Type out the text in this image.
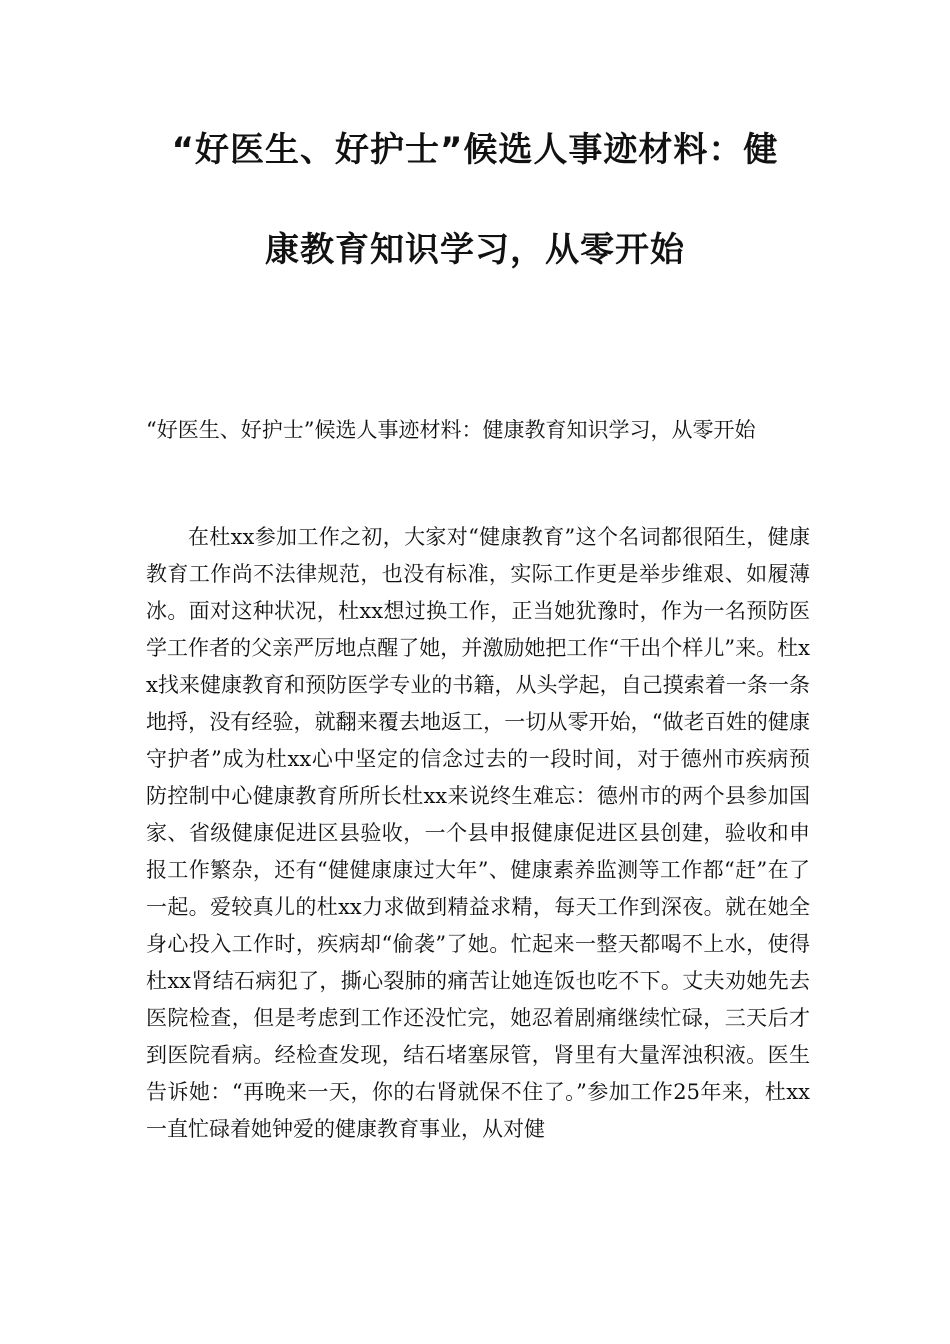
“好医生、好护士”候选人事迹材料：健
康教育知识学习，从零开始
“好医生、好护士”候选人事迹材料：健康教育知识学习，从零开始
在杜xx参加工作之初，大家对“健康教育”这个名词都很陌生，健康教育工作尚不法律规范，也没有标准，实际工作更是举步维艰、如履薄冰。面对这种状况，杜xx想过换工作，正当她犹豫时，作为一名预防医学工作者的父亲严厉地点醒了她，并激励她把工作“干出个样儿”来。杜xx找来健康教育和预防医学专业的书籍，从头学起，自己摸索着一条一条地捋，没有经验，就翻来覆去地返工，一切从零开始，“做老百姓的健康守护者”成为杜xx心中坚定的信念过去的一段时间，对于德州市疾病预防控制中心健康教育所所长杜xx来说终生难忘：德州市的两个县参加国家、省级健康促进区县验收，一个县申报健康促进区县创建，验收和申报工作繁杂，还有“健健康康过大年”、健康素养监测等工作都“赶”在了一起。爱较真儿的杜xx力求做到精益求精，每天工作到深夜。就在她全身心投入工作时，疾病却“偷袭”了她。忙起来一整天都喝不上水，使得杜xx肾结石病犯了，撕心裂肺的痛苦让她连饭也吃不下。丈夫劝她先去医院检查，但是考虑到工作还没忙完，她忍着剧痛继续忙碌，三天后才到医院看病。经检查发现，结石堵塞尿管，肾里有大量浑浊积液。医生告诉她：“再晚来一天，你的右肾就保不住了。”参加工作25年来，杜xx一直忙碌着她钟爱的健康教育事业，从对健
